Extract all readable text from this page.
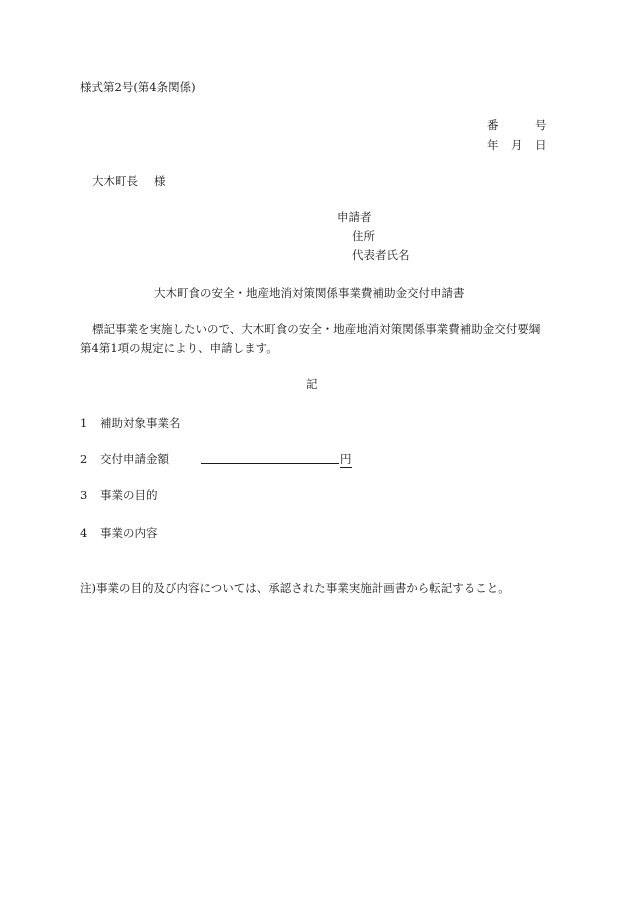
様式第2号(第4条関係)
番	号
年 月 日
大木町長 様
申請者
住所
代表者氏名
大木町食の安全・地産地消対策関係事業費補助金交付申請書
標記事業を実施したいので、大木町食の安全・地産地消対策関係事業費補助金交付要綱
第4第1項の規定により、申請します。
記
1 補助対象事業名
2 交付申請金額	円
3 事業の目的
4 事業の内容
注)事業の目的及び内容については、承認された事業実施計画書から転記すること。
